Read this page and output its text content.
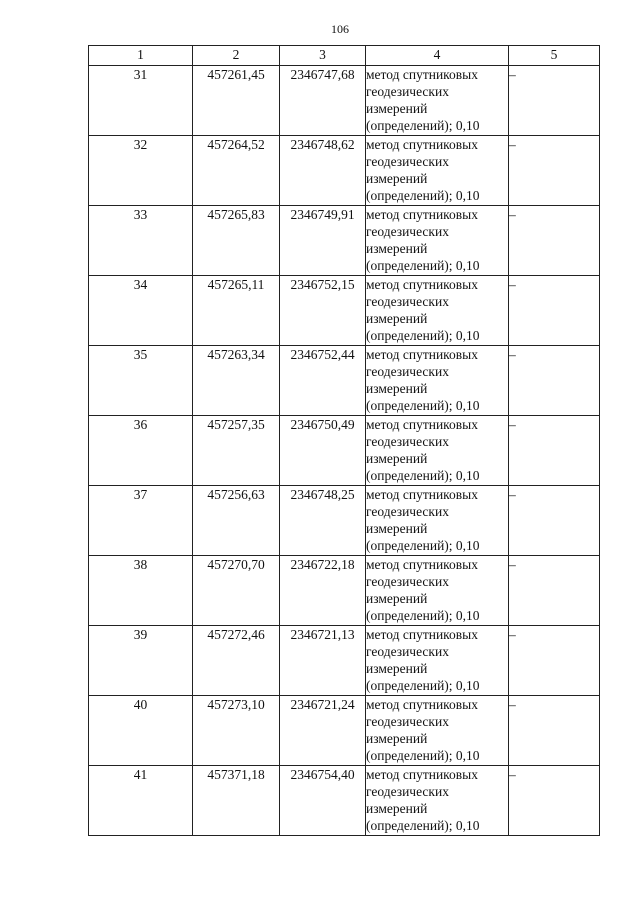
106
1	2	3	4	5
31	457261,45	2346747,68	метод спутниковых геодезических измерений (определений); 0,10	–
32	457264,52	2346748,62	метод спутниковых геодезических измерений (определений); 0,10	–
33	457265,83	2346749,91	метод спутниковых геодезических измерений (определений); 0,10	–
34	457265,11	2346752,15	метод спутниковых геодезических измерений (определений); 0,10	–
35	457263,34	2346752,44	метод спутниковых геодезических измерений (определений); 0,10	–
36	457257,35	2346750,49	метод спутниковых геодезических измерений (определений); 0,10	–
37	457256,63	2346748,25	метод спутниковых геодезических измерений (определений); 0,10	–
38	457270,70	2346722,18	метод спутниковых геодезических измерений (определений); 0,10	–
39	457272,46	2346721,13	метод спутниковых геодезических измерений (определений); 0,10	–
40	457273,10	2346721,24	метод спутниковых геодезических измерений (определений); 0,10	–
41	457371,18	2346754,40	метод спутниковых геодезических измерений (определений); 0,10	–
